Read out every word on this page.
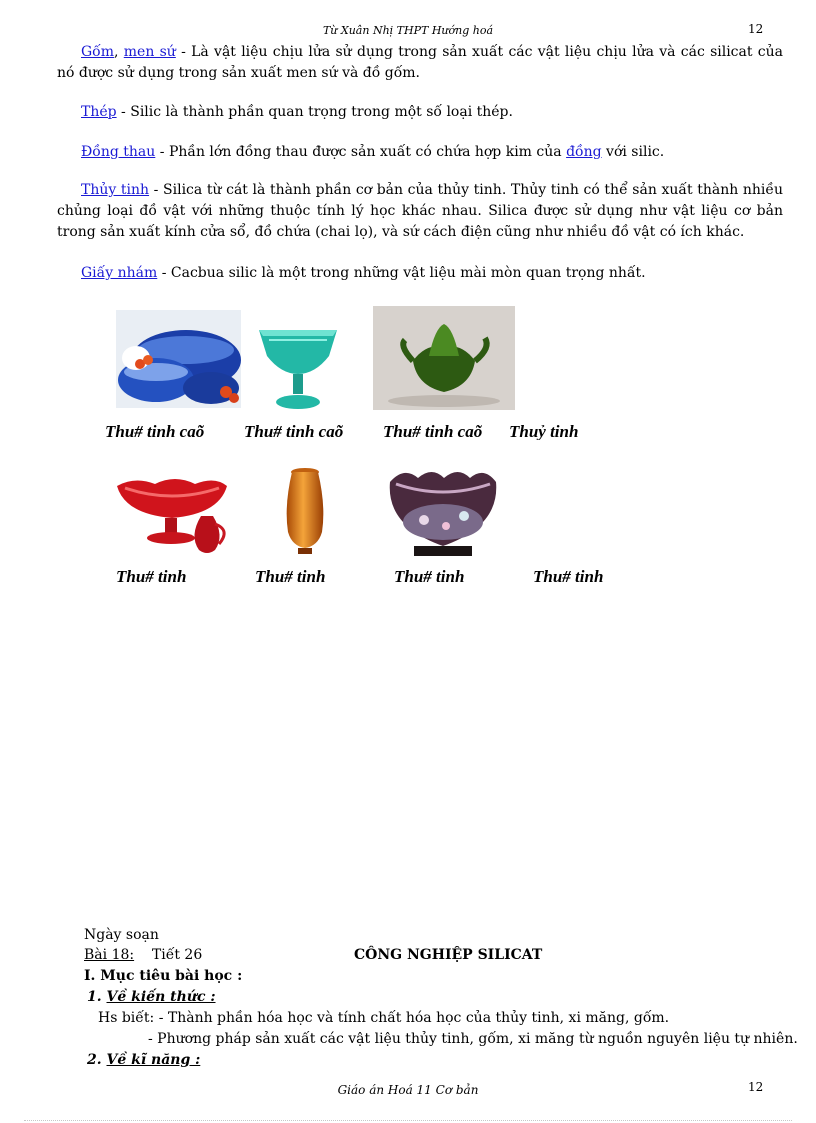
Từ Xuân Nhị THPT Hướng hoá	12
Gốm, men sứ - Là vật liệu chịu lửa sử dụng trong sản xuất các vật liệu chịu lửa và các silicat của nó được sử dụng trong sản xuất men sứ và đồ gốm.
Thép - Silic là thành phần quan trọng trong một số loại thép.
Đồng thau - Phần lớn đồng thau được sản xuất có chứa hợp kim của đồng với silic.
Thủy tinh - Silica từ cát là thành phần cơ bản của thủy tinh. Thủy tinh có thể sản xuất thành nhiều chủng loại đồ vật với những thuộc tính lý học khác nhau. Silica được sử dụng như vật liệu cơ bản trong sản xuất kính cửa sổ, đồ chứa (chai lọ), và sứ cách điện cũng như nhiều đồ vật có ích khác.
Giấy nhám - Cacbua silic là một trong những vật liệu mài mòn quan trọng nhất.
Thu# tinh caõ	Thu# tinh caõ	Thu# tinh caõ	Thuỷ tinh
Thu# tinh	Thu# tinh	Thu# tinh	Thu# tinh
Ngày soạn
Bài 18: Tiết 26	CÔNG NGHIỆP SILICAT
I. Mục tiêu bài học :
1. Về kiến thức :
Hs biết: - Thành phần hóa học và tính chất hóa học của thủy tinh, xi măng, gốm.
- Phương pháp sản xuất các vật liệu thủy tinh, gốm, xi măng từ nguồn nguyên liệu tự nhiên.
2. Về kĩ năng :
Giáo án Hoá 11 Cơ bản	12
